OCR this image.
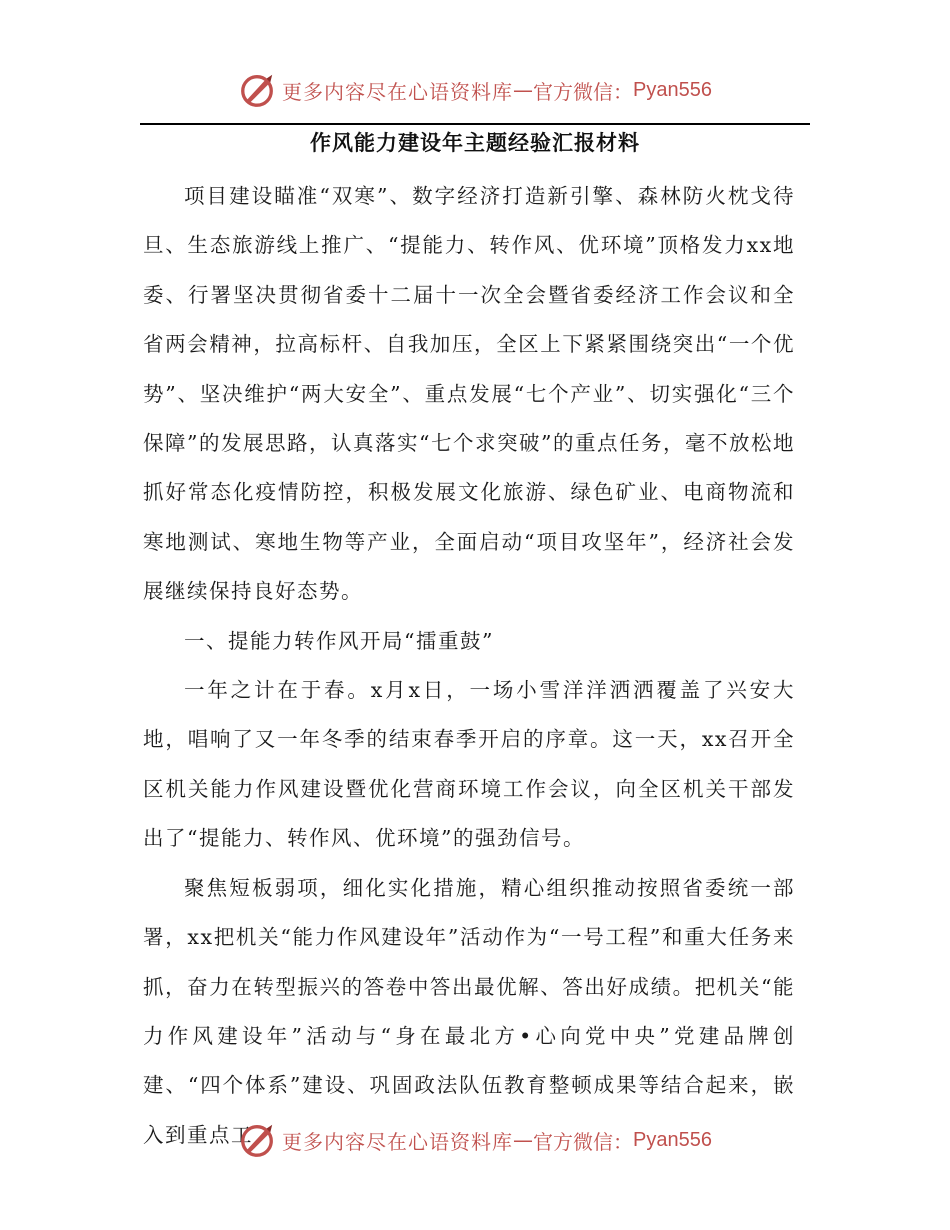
更多内容尽在心语资料库 — 官方微信： Pyan556
作风能力建设年主题经验汇报材料

项目建设瞄准“双寒”、数字经济打造新引擎、森林防火枕戈待旦、生态旅游线上推广、“提能力、转作风、优环境”顶格发力xx地委、行署坚决贯彻省委十二届十一次全会暨省委经济工作会议和全省两会精神，拉高标杆、自我加压，全区上下紧紧围绕突出“一个优势”、坚决维护“两大安全”、重点发展“七个产业”、切实强化“三个保障”的发展思路，认真落实“七个求突破”的重点任务，毫不放松地抓好常态化疫情防控，积极发展文化旅游、绿色矿业、电商物流和寒地测试、寒地生物等产业，全面启动“项目攻坚年”，经济社会发展继续保持良好态势。

一、提能力转作风开局“擂重鼓”

一年之计在于春。x月x日，一场小雪洋洋洒洒覆盖了兴安大地，唱响了又一年冬季的结束春季开启的序章。这一天，xx召开全区机关能力作风建设暨优化营商环境工作会议，向全区机关干部发出了“提能力、转作风、优环境”的强劲信号。

聚焦短板弱项，细化实化措施，精心组织推动按照省委统一部署，xx把机关“能力作风建设年”活动作为“一号工程”和重大任务来抓，奋力在转型振兴的答卷中答出最优解、答出好成绩。把机关“能力作风建设年”活动与“身在最北方•心向党中央”党建品牌创建、“四个体系”建设、巩固政法队伍教育整顿成果等结合起来，嵌入到重点工	更多内容尽在心语资料库 — 官方微信： Pyan556
